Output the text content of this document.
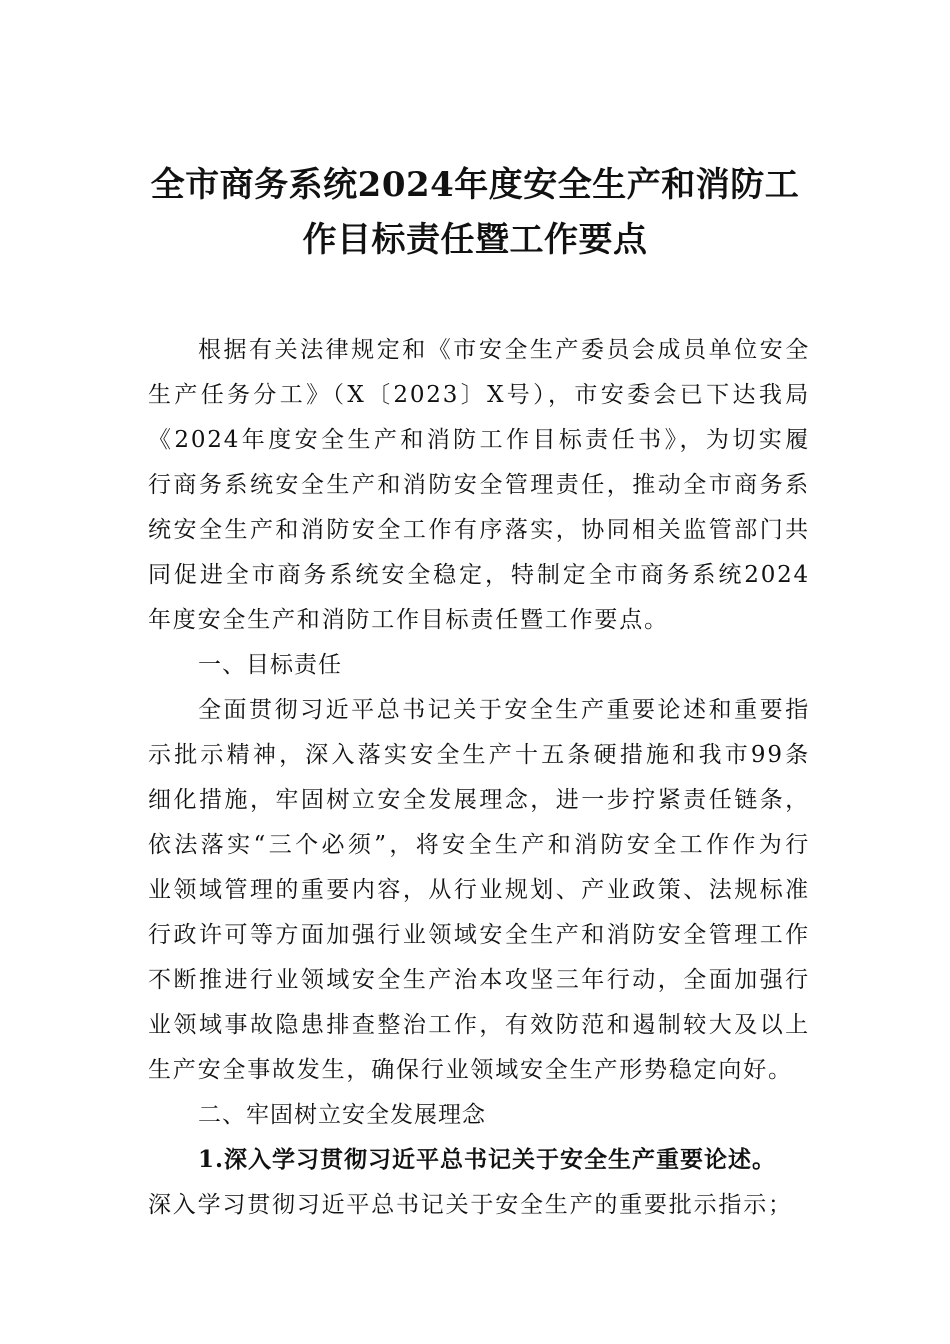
全市商务系统2024年度安全生产和消防工
作目标责任暨工作要点
根据有关法律规定和《市安全生产委员会成员单位安全
生产任务分工》（X〔2023〕X号），市安委会已下达我局
《2024年度安全生产和消防工作目标责任书》，为切实履
行商务系统安全生产和消防安全管理责任，推动全市商务系
统安全生产和消防安全工作有序落实，协同相关监管部门共
同促进全市商务系统安全稳定，特制定全市商务系统2024
年度安全生产和消防工作目标责任暨工作要点。
一、目标责任
全面贯彻习近平总书记关于安全生产重要论述和重要指
示批示精神，深入落实安全生产十五条硬措施和我市99条
细化措施，牢固树立安全发展理念，进一步拧紧责任链条，
依法落实“三个必须”，将安全生产和消防安全工作作为行
业领域管理的重要内容，从行业规划、产业政策、法规标准
行政许可等方面加强行业领域安全生产和消防安全管理工作
不断推进行业领域安全生产治本攻坚三年行动，全面加强行
业领域事故隐患排查整治工作，有效防范和遏制较大及以上
生产安全事故发生，确保行业领域安全生产形势稳定向好。
二、牢固树立安全发展理念
1.深入学习贯彻习近平总书记关于安全生产重要论述。
深入学习贯彻习近平总书记关于安全生产的重要批示指示；
